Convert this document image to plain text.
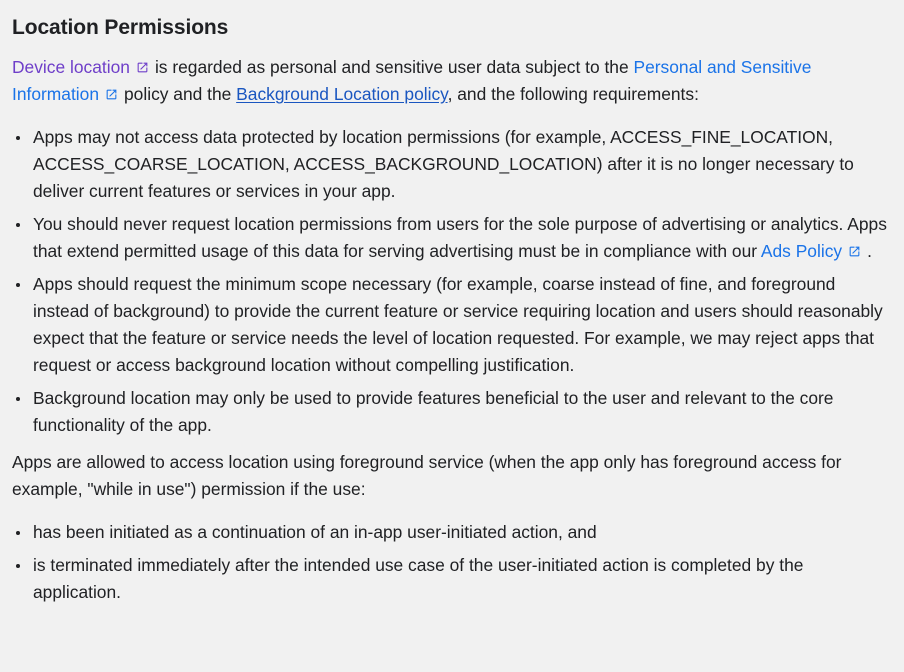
Location Permissions

Device location is regarded as personal and sensitive user data subject to the Personal and Sensitive Information policy and the Background Location policy, and the following requirements:

Apps may not access data protected by location permissions (for example, ACCESS_FINE_LOCATION, ACCESS_COARSE_LOCATION, ACCESS_BACKGROUND_LOCATION) after it is no longer necessary to deliver current features or services in your app.
You should never request location permissions from users for the sole purpose of advertising or analytics. Apps that extend permitted usage of this data for serving advertising must be in compliance with our Ads Policy .
Apps should request the minimum scope necessary (for example, coarse instead of fine, and foreground instead of background) to provide the current feature or service requiring location and users should reasonably expect that the feature or service needs the level of location requested. For example, we may reject apps that request or access background location without compelling justification.
Background location may only be used to provide features beneficial to the user and relevant to the core functionality of the app.

Apps are allowed to access location using foreground service (when the app only has foreground access for example, "while in use") permission if the use:

has been initiated as a continuation of an in-app user-initiated action, and
is terminated immediately after the intended use case of the user-initiated action is completed by the application.
